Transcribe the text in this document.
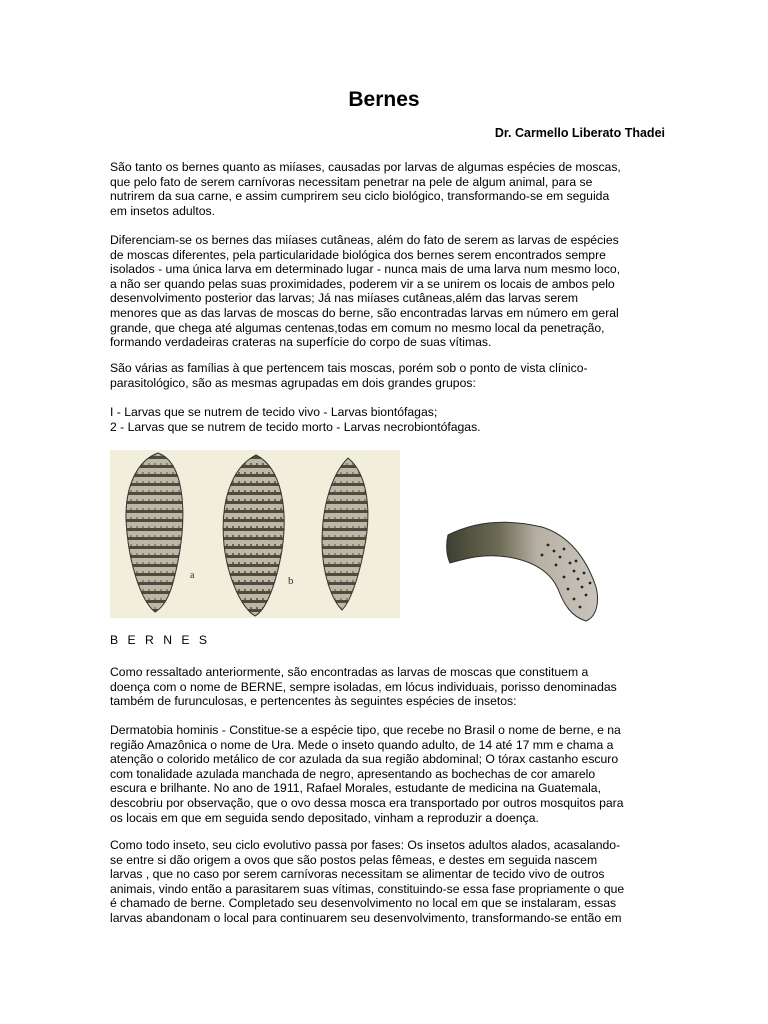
Bernes
Dr. Carmello Liberato Thadei

São tanto os bernes quanto as miíases, causadas por larvas de algumas espécies de moscas,
que pelo fato de serem carnívoras necessitam penetrar na pele de algum animal, para se
nutrirem da sua carne, e assim cumprirem seu ciclo biológico, transformando-se em seguida
em insetos adultos.

Diferenciam-se os bernes das miíases cutâneas, além do fato de serem as larvas de espécies
de moscas diferentes, pela particularidade biológica dos bernes serem encontrados sempre
isolados - uma única larva em determinado lugar - nunca mais de uma larva num mesmo loco,
a não ser quando pelas suas proximidades, poderem vir a se unirem os locais de ambos pelo
desenvolvimento posterior das larvas; Já nas miíases cutâneas,além das larvas serem
menores que as das larvas de moscas do berne, são encontradas larvas em número em geral
grande, que chega até algumas centenas,todas em comum no mesmo local da penetração,
formando verdadeiras crateras na superfície do corpo de suas vítimas.

São várias as famílias à que pertencem tais moscas, porém sob o ponto de vista clínico-
parasitológico, são as mesmas agrupadas em dois grandes grupos:

I - Larvas que se nutrem de tecido vivo - Larvas biontófagas;
2 - Larvas que se nutrem de tecido morto - Larvas necrobiontófagas.

a	b

B E R N E S

Como ressaltado anteriormente, são encontradas as larvas de moscas que constituem a
doença com o nome de BERNE, sempre isoladas, em lócus individuais, porisso denominadas
também de furunculosas, e pertencentes às seguintes espécies de insetos:

Dermatobia hominis - Constitue-se a espécie tipo, que recebe no Brasil o nome de berne, e na
região Amazônica o nome de Ura. Mede o inseto quando adulto, de 14 até 17 mm e chama a
atenção o colorido metálico de cor azulada da sua região abdominal; O tórax castanho escuro
com tonalidade azulada manchada de negro, apresentando as bochechas de cor amarelo
escura e brilhante. No ano de 1911, Rafael Morales, estudante de medicina na Guatemala,
descobriu por observação, que o ovo dessa mosca era transportado por outros mosquitos para
os locais em que em seguida sendo depositado, vinham a reproduzir a doença.

Como todo inseto, seu ciclo evolutivo passa por fases: Os insetos adultos alados, acasalando-
se entre si dão origem a ovos que são postos pelas fêmeas, e destes em seguida nascem
larvas , que no caso por serem carnívoras necessitam se alimentar de tecido vivo de outros
animais, vindo então a parasitarem suas vítimas, constituindo-se essa fase propriamente o que
é chamado de berne. Completado seu desenvolvimento no local em que se instalaram, essas
larvas abandonam o local para continuarem seu desenvolvimento, transformando-se então em
